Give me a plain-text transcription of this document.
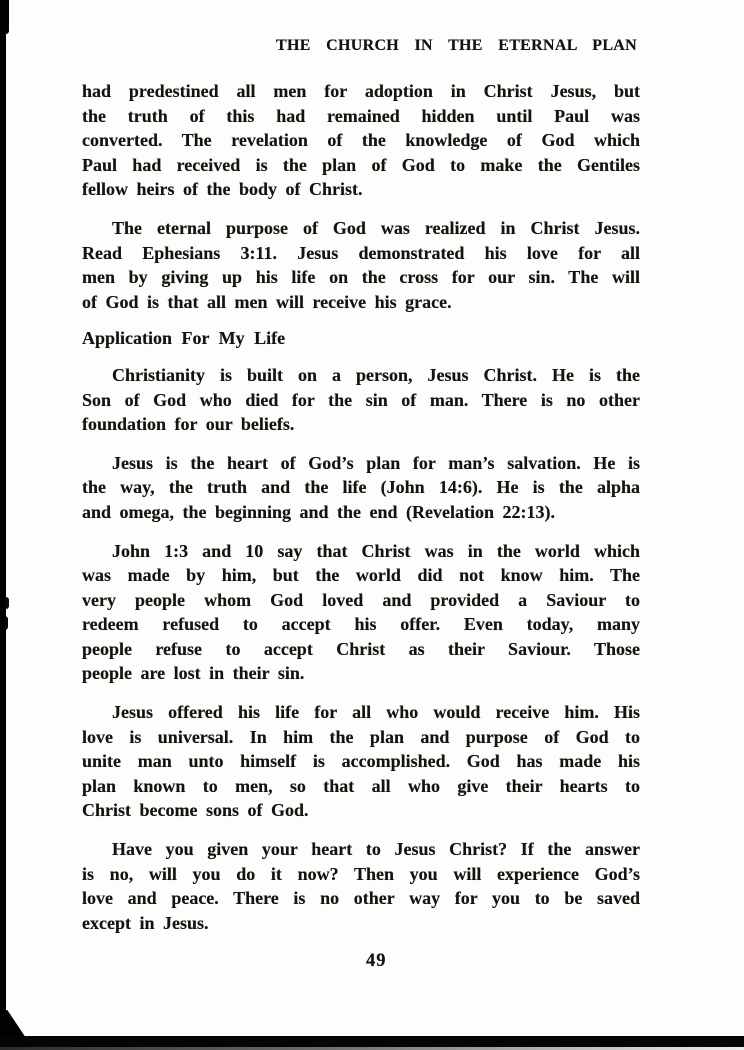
THE CHURCH IN THE ETERNAL PLAN
had predestined all men for adoption in Christ Jesus, but
the truth of this had remained hidden until Paul was
converted. The revelation of the knowledge of God which
Paul had received is the plan of God to make the Gentiles
fellow heirs of the body of Christ.
The eternal purpose of God was realized in Christ Jesus.
Read Ephesians 3:11. Jesus demonstrated his love for all
men by giving up his life on the cross for our sin. The will
of God is that all men will receive his grace.
Application For My Life
Christianity is built on a person, Jesus Christ. He is the
Son of God who died for the sin of man. There is no other
foundation for our beliefs.
Jesus is the heart of God’s plan for man’s salvation. He is
the way, the truth and the life (John 14:6). He is the alpha
and omega, the beginning and the end (Revelation 22:13).
John 1:3 and 10 say that Christ was in the world which
was made by him, but the world did not know him. The
very people whom God loved and provided a Saviour to
redeem refused to accept his offer. Even today, many
people refuse to accept Christ as their Saviour. Those
people are lost in their sin.
Jesus offered his life for all who would receive him. His
love is universal. In him the plan and purpose of God to
unite man unto himself is accomplished. God has made his
plan known to men, so that all who give their hearts to
Christ become sons of God.
Have you given your heart to Jesus Christ? If the answer
is no, will you do it now? Then you will experience God’s
love and peace. There is no other way for you to be saved
except in Jesus.
49
